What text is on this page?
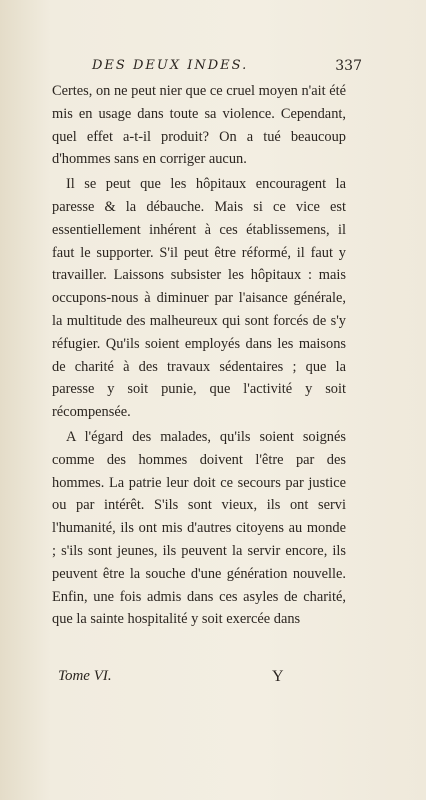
DES DEUX INDES.	337

Certes, on ne peut nier que ce cruel moyen n'ait été mis en usage dans toute sa violence. Cependant, quel effet a-t-il produit? On a tué beaucoup d'hommes sans en corriger aucun.

Il se peut que les hôpitaux encouragent la paresse & la débauche. Mais si ce vice est essentiellement inhérent à ces établissemens, il faut le supporter. S'il peut être réformé, il faut y travailler. Laissons subsister les hôpitaux : mais occupons-nous à diminuer par l'aisance générale, la multitude des malheureux qui sont forcés de s'y réfugier. Qu'ils soient employés dans les maisons de charité à des travaux sédentaires ; que la paresse y soit punie, que l'activité y soit récompensée.

A l'égard des malades, qu'ils soient soignés comme des hommes doivent l'être par des hommes. La patrie leur doit ce secours par justice ou par intérêt. S'ils sont vieux, ils ont servi l'humanité, ils ont mis d'autres citoyens au monde ; s'ils sont jeunes, ils peuvent la servir encore, ils peuvent être la souche d'une génération nouvelle. Enfin, une fois admis dans ces asyles de charité, que la sainte hospitalité y soit exercée dans

Tome VI.	Y
